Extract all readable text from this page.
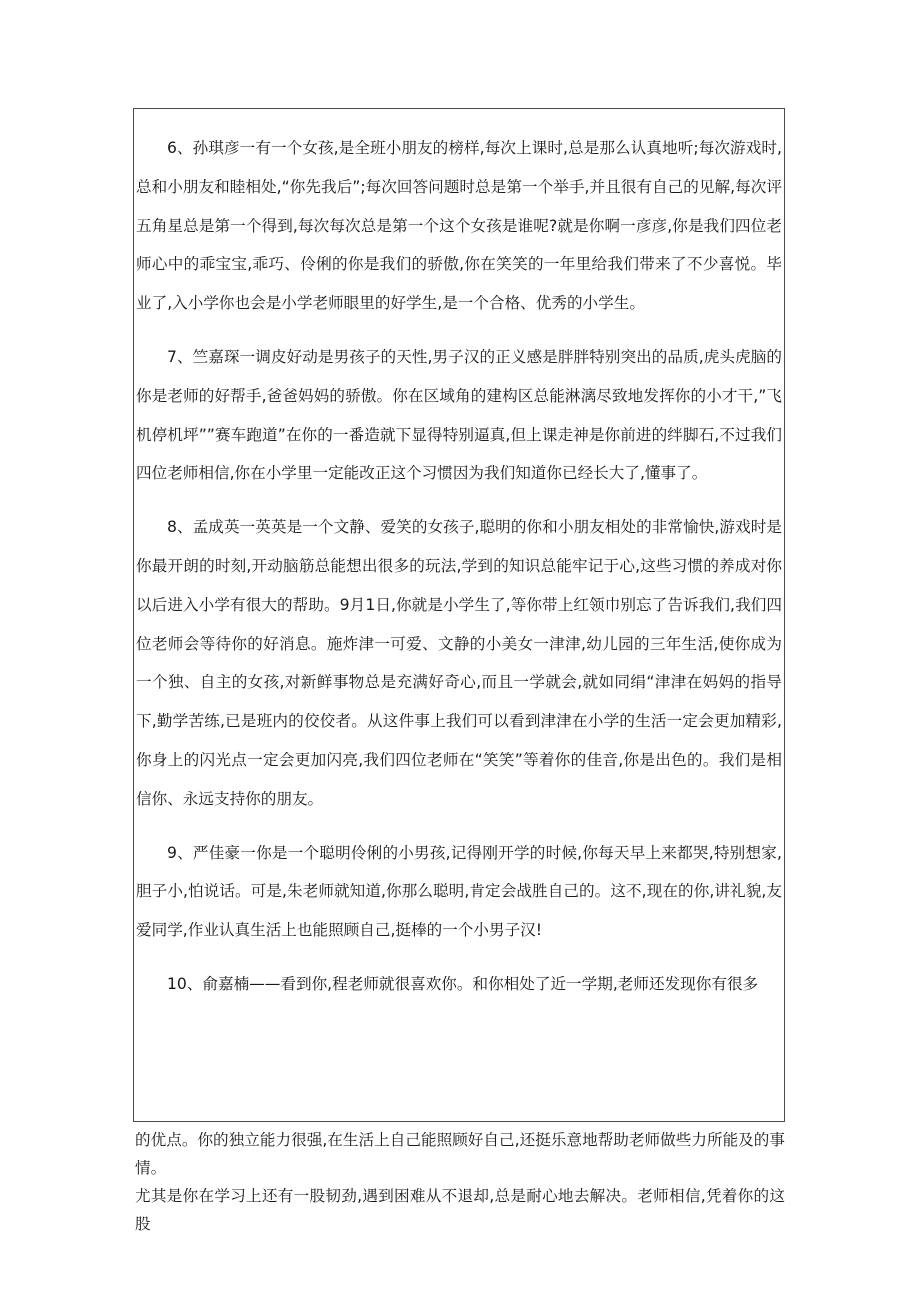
6、孙琪彦一有一个女孩,是全班小朋友的榜样,每次上课时,总是那么认真地听;每次游戏时,总和小朋友和睦相处,“你先我后”;每次回答问题时总是第一个举手,并且很有自己的见解,每次评五角星总是第一个得到,每次每次总是第一个这个女孩是谁呢?就是你啊一彦彦,你是我们四位老师心中的乖宝宝,乖巧、伶俐的你是我们的骄傲,你在笑笑的一年里给我们带来了不少喜悦。毕业了,入小学你也会是小学老师眼里的好学生,是一个合格、优秀的小学生。

7、竺嘉琛一调皮好动是男孩子的天性,男子汉的正义感是胖胖特别突出的品质,虎头虎脑的你是老师的好帮手,爸爸妈妈的骄傲。你在区域角的建构区总能淋漓尽致地发挥你的小才干,”飞机停机坪””赛车跑道”在你的一番造就下显得特别逼真,但上课走神是你前进的绊脚石,不过我们四位老师相信,你在小学里一定能改正这个习惯因为我们知道你已经长大了,懂事了。

8、孟成英一英英是一个文静、爱笑的女孩子,聪明的你和小朋友相处的非常愉快,游戏时是你最开朗的时刻,开动脑筋总能想出很多的玩法,学到的知识总能牢记于心,这些习惯的养成对你以后进入小学有很大的帮助。9月1日,你就是小学生了,等你带上红领巾别忘了告诉我们,我们四位老师会等待你的好消息。施炸津一可爱、文静的小美女一津津,幼儿园的三年生活,使你成为一个独、自主的女孩,对新鲜事物总是充满好奇心,而且一学就会,就如同绢“津津在妈妈的指导下,勤学苦练,已是班内的佼佼者。从这件事上我们可以看到津津在小学的生活一定会更加精彩,你身上的闪光点一定会更加闪亮,我们四位老师在“笑笑”等着你的佳音,你是出色的。我们是相信你、永远支持你的朋友。

9、严佳豪一你是一个聪明伶俐的小男孩,记得刚开学的时候,你每天早上来都哭,特别想家,胆子小,怕说话。可是,朱老师就知道,你那么聪明,肯定会战胜自己的。这不,现在的你,讲礼貌,友爱同学,作业认真生活上也能照顾自己,挺棒的一个小男子汉!

10、俞嘉楠——看到你,程老师就很喜欢你。和你相处了近一学期,老师还发现你有很多

的优点。你的独立能力很强,在生活上自己能照顾好自己,还挺乐意地帮助老师做些力所能及的事情。

尤其是你在学习上还有一股韧劲,遇到困难从不退却,总是耐心地去解决。老师相信,凭着你的这股
